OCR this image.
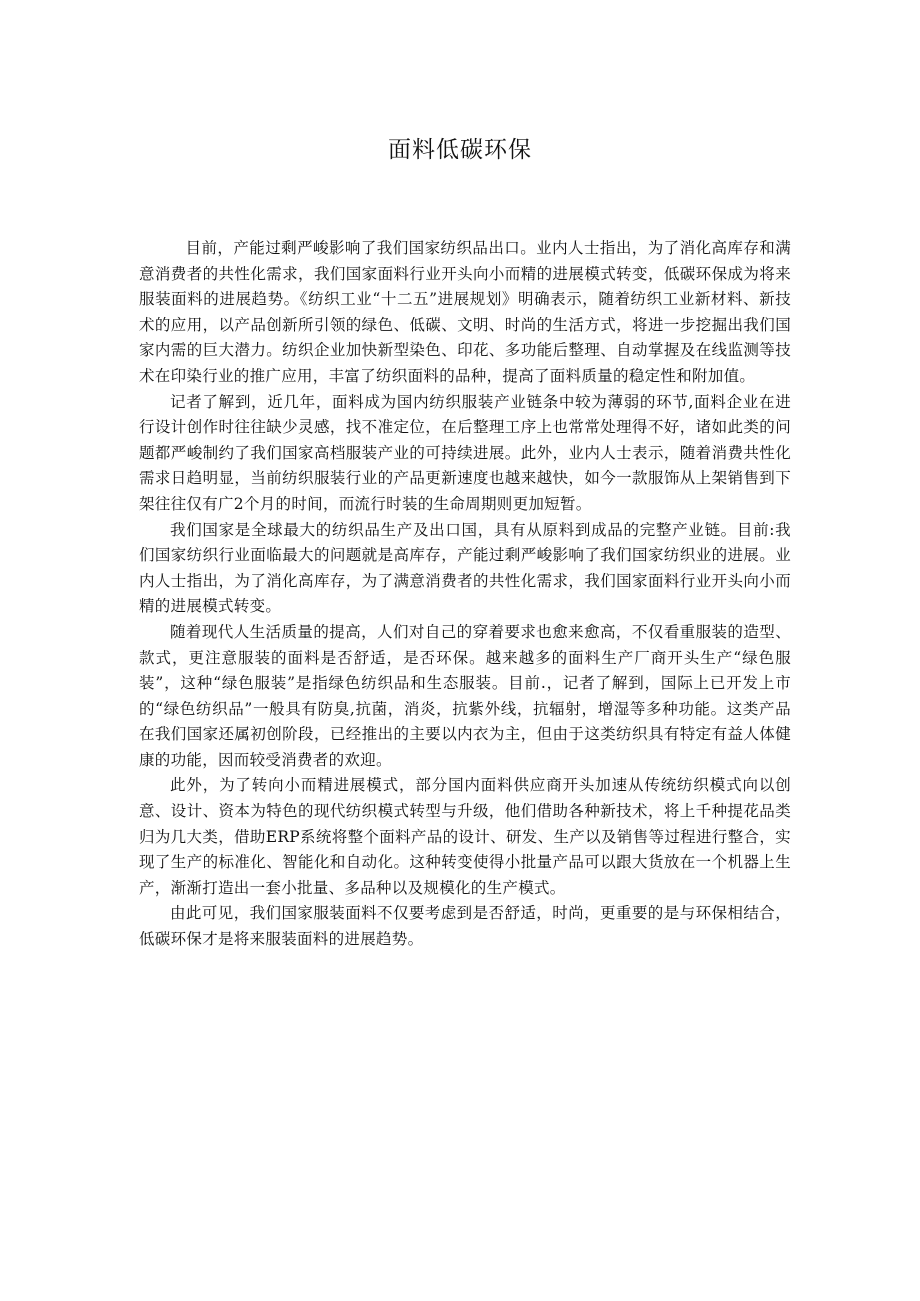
面料低碳环保

目前，产能过剩严峻影响了我们国家纺织品出口。业内人士指出，为了消化高库存和满意消费者的共性化需求，我们国家面料行业开头向小而精的进展模式转变，低碳环保成为将来服装面料的进展趋势。《纺织工业“十二五”进展规划》明确表示，随着纺织工业新材料、新技术的应用，以产品创新所引领的绿色、低碳、文明、时尚的生活方式，将进一步挖掘出我们国家内需的巨大潜力。纺织企业加快新型染色、印花、多功能后整理、自动掌握及在线监测等技术在印染行业的推广应用，丰富了纺织面料的品种，提高了面料质量的稳定性和附加值。

记者了解到，近几年，面料成为国内纺织服装产业链条中较为薄弱的环节,面料企业在进行设计创作时往往缺少灵感，找不准定位，在后整理工序上也常常处理得不好，诸如此类的问题都严峻制约了我们国家高档服装产业的可持续进展。此外，业内人士表示，随着消费共性化需求日趋明显，当前纺织服装行业的产品更新速度也越来越快，如今一款服饰从上架销售到下架往往仅有广2个月的时间，而流行时装的生命周期则更加短暂。

我们国家是全球最大的纺织品生产及出口国，具有从原料到成品的完整产业链。目前:我们国家纺织行业面临最大的问题就是高库存，产能过剩严峻影响了我们国家纺织业的进展。业内人士指出，为了消化高库存，为了满意消费者的共性化需求，我们国家面料行业开头向小而精的进展模式转变。

随着现代人生活质量的提高，人们对自己的穿着要求也愈来愈高，不仅看重服装的造型、款式，更注意服装的面料是否舒适，是否环保。越来越多的面料生产厂商开头生产“绿色服装”，这种“绿色服装”是指绿色纺织品和生态服装。目前.，记者了解到，国际上已开发上市的“绿色纺织品”一般具有防臭,抗菌，消炎，抗紫外线，抗辐射，增湿等多种功能。这类产品在我们国家还属初创阶段，已经推出的主要以内衣为主，但由于这类纺织具有特定有益人体健康的功能，因而较受消费者的欢迎。

此外，为了转向小而精进展模式，部分国内面料供应商开头加速从传统纺织模式向以创意、设计、资本为特色的现代纺织模式转型与升级，他们借助各种新技术，将上千种提花品类归为几大类，借助ERP系统将整个面料产品的设计、研发、生产以及销售等过程进行整合，实现了生产的标准化、智能化和自动化。这种转变使得小批量产品可以跟大货放在一个机器上生产，渐渐打造出一套小批量、多品种以及规模化的生产模式。

由此可见，我们国家服装面料不仅要考虑到是否舒适，时尚，更重要的是与环保相结合，低碳环保才是将来服装面料的进展趋势。
